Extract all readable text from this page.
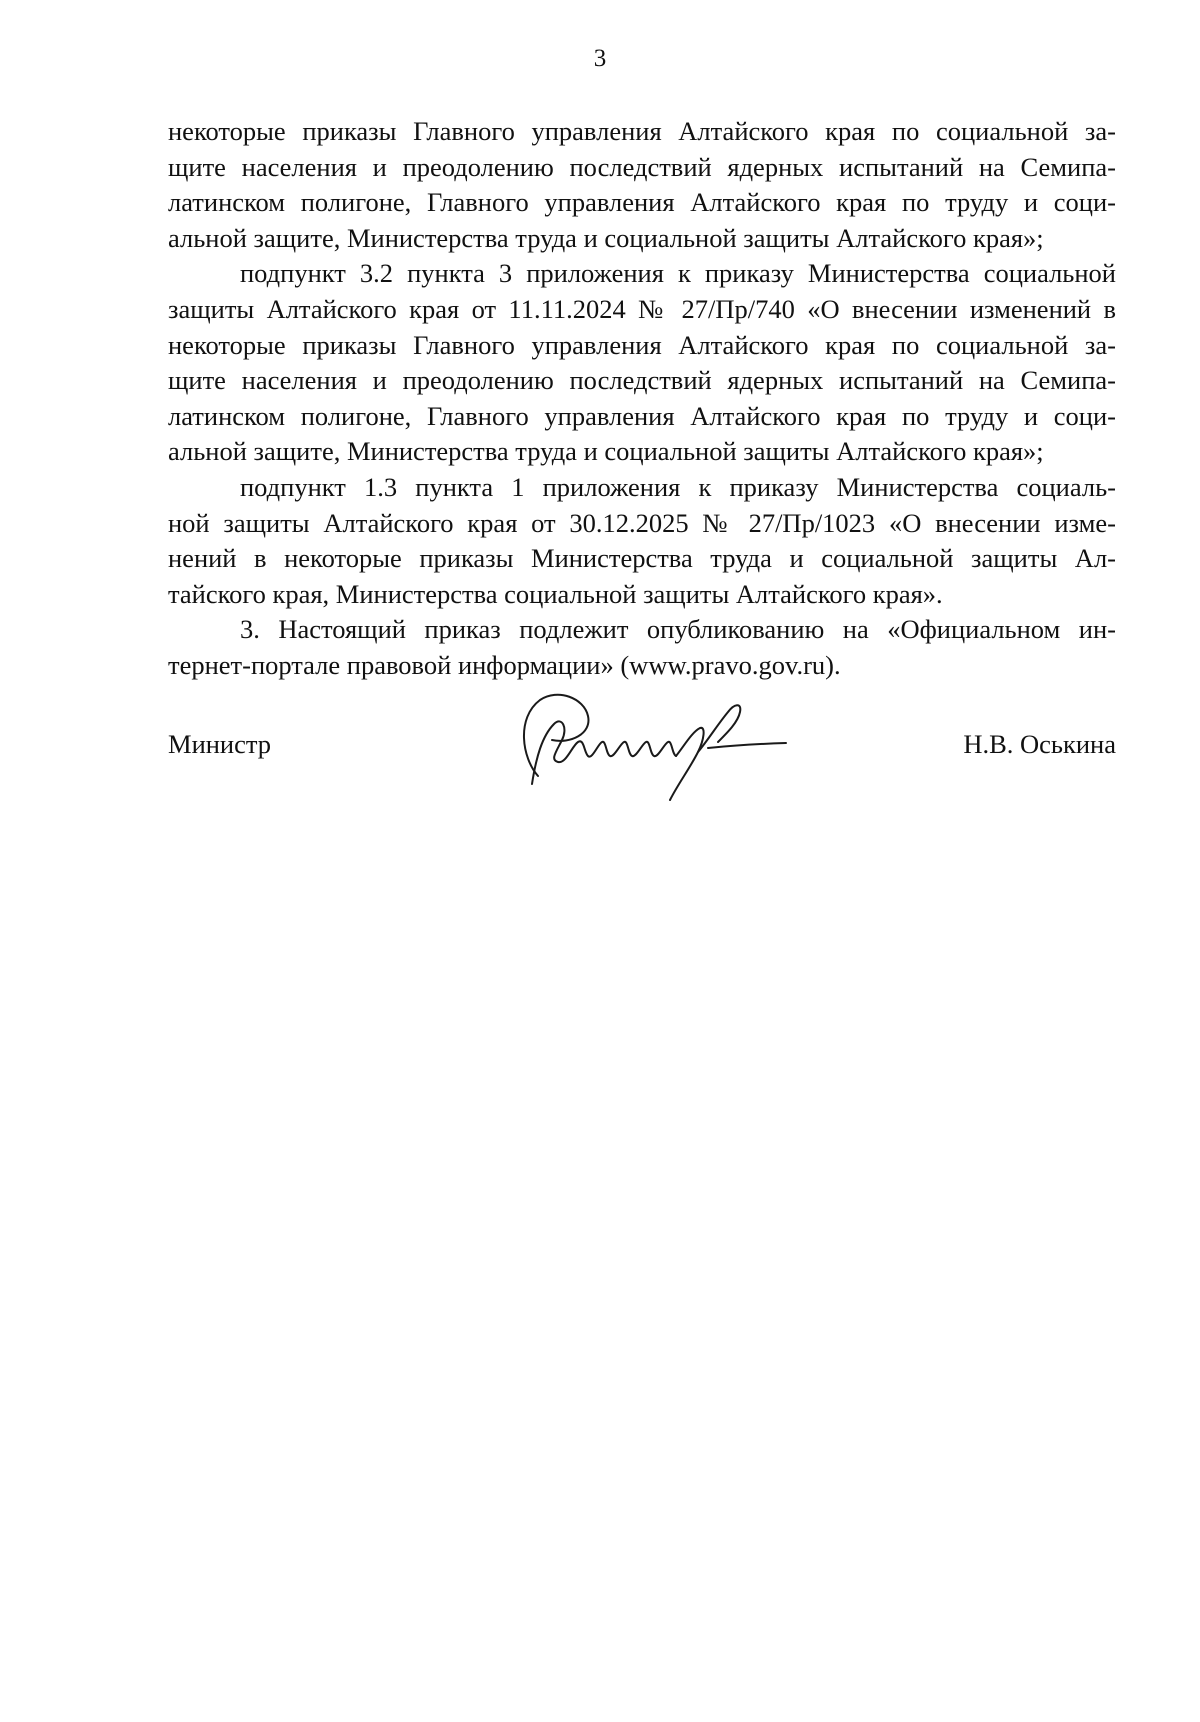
3
некоторые приказы Главного управления Алтайского края по социальной за-
щите населения и преодолению последствий ядерных испытаний на Семипа-
латинском полигоне, Главного управления Алтайского края по труду и соци-
альной защите, Министерства труда и социальной защиты Алтайского края»;
подпункт 3.2 пункта 3 приложения к приказу Министерства социальной
защиты Алтайского края от 11.11.2024 № 27/Пр/740 «О внесении изменений в
некоторые приказы Главного управления Алтайского края по социальной за-
щите населения и преодолению последствий ядерных испытаний на Семипа-
латинском полигоне, Главного управления Алтайского края по труду и соци-
альной защите, Министерства труда и социальной защиты Алтайского края»;
подпункт 1.3 пункта 1 приложения к приказу Министерства социаль-
ной защиты Алтайского края от 30.12.2025 № 27/Пр/1023 «О внесении изме-
нений в некоторые приказы Министерства труда и социальной защиты Ал-
тайского края, Министерства социальной защиты Алтайского края».
3. Настоящий приказ подлежит опубликованию на «Официальном ин-
тернет-портале правовой информации» (www.pravo.gov.ru).
Министр	Н.В. Оськина
